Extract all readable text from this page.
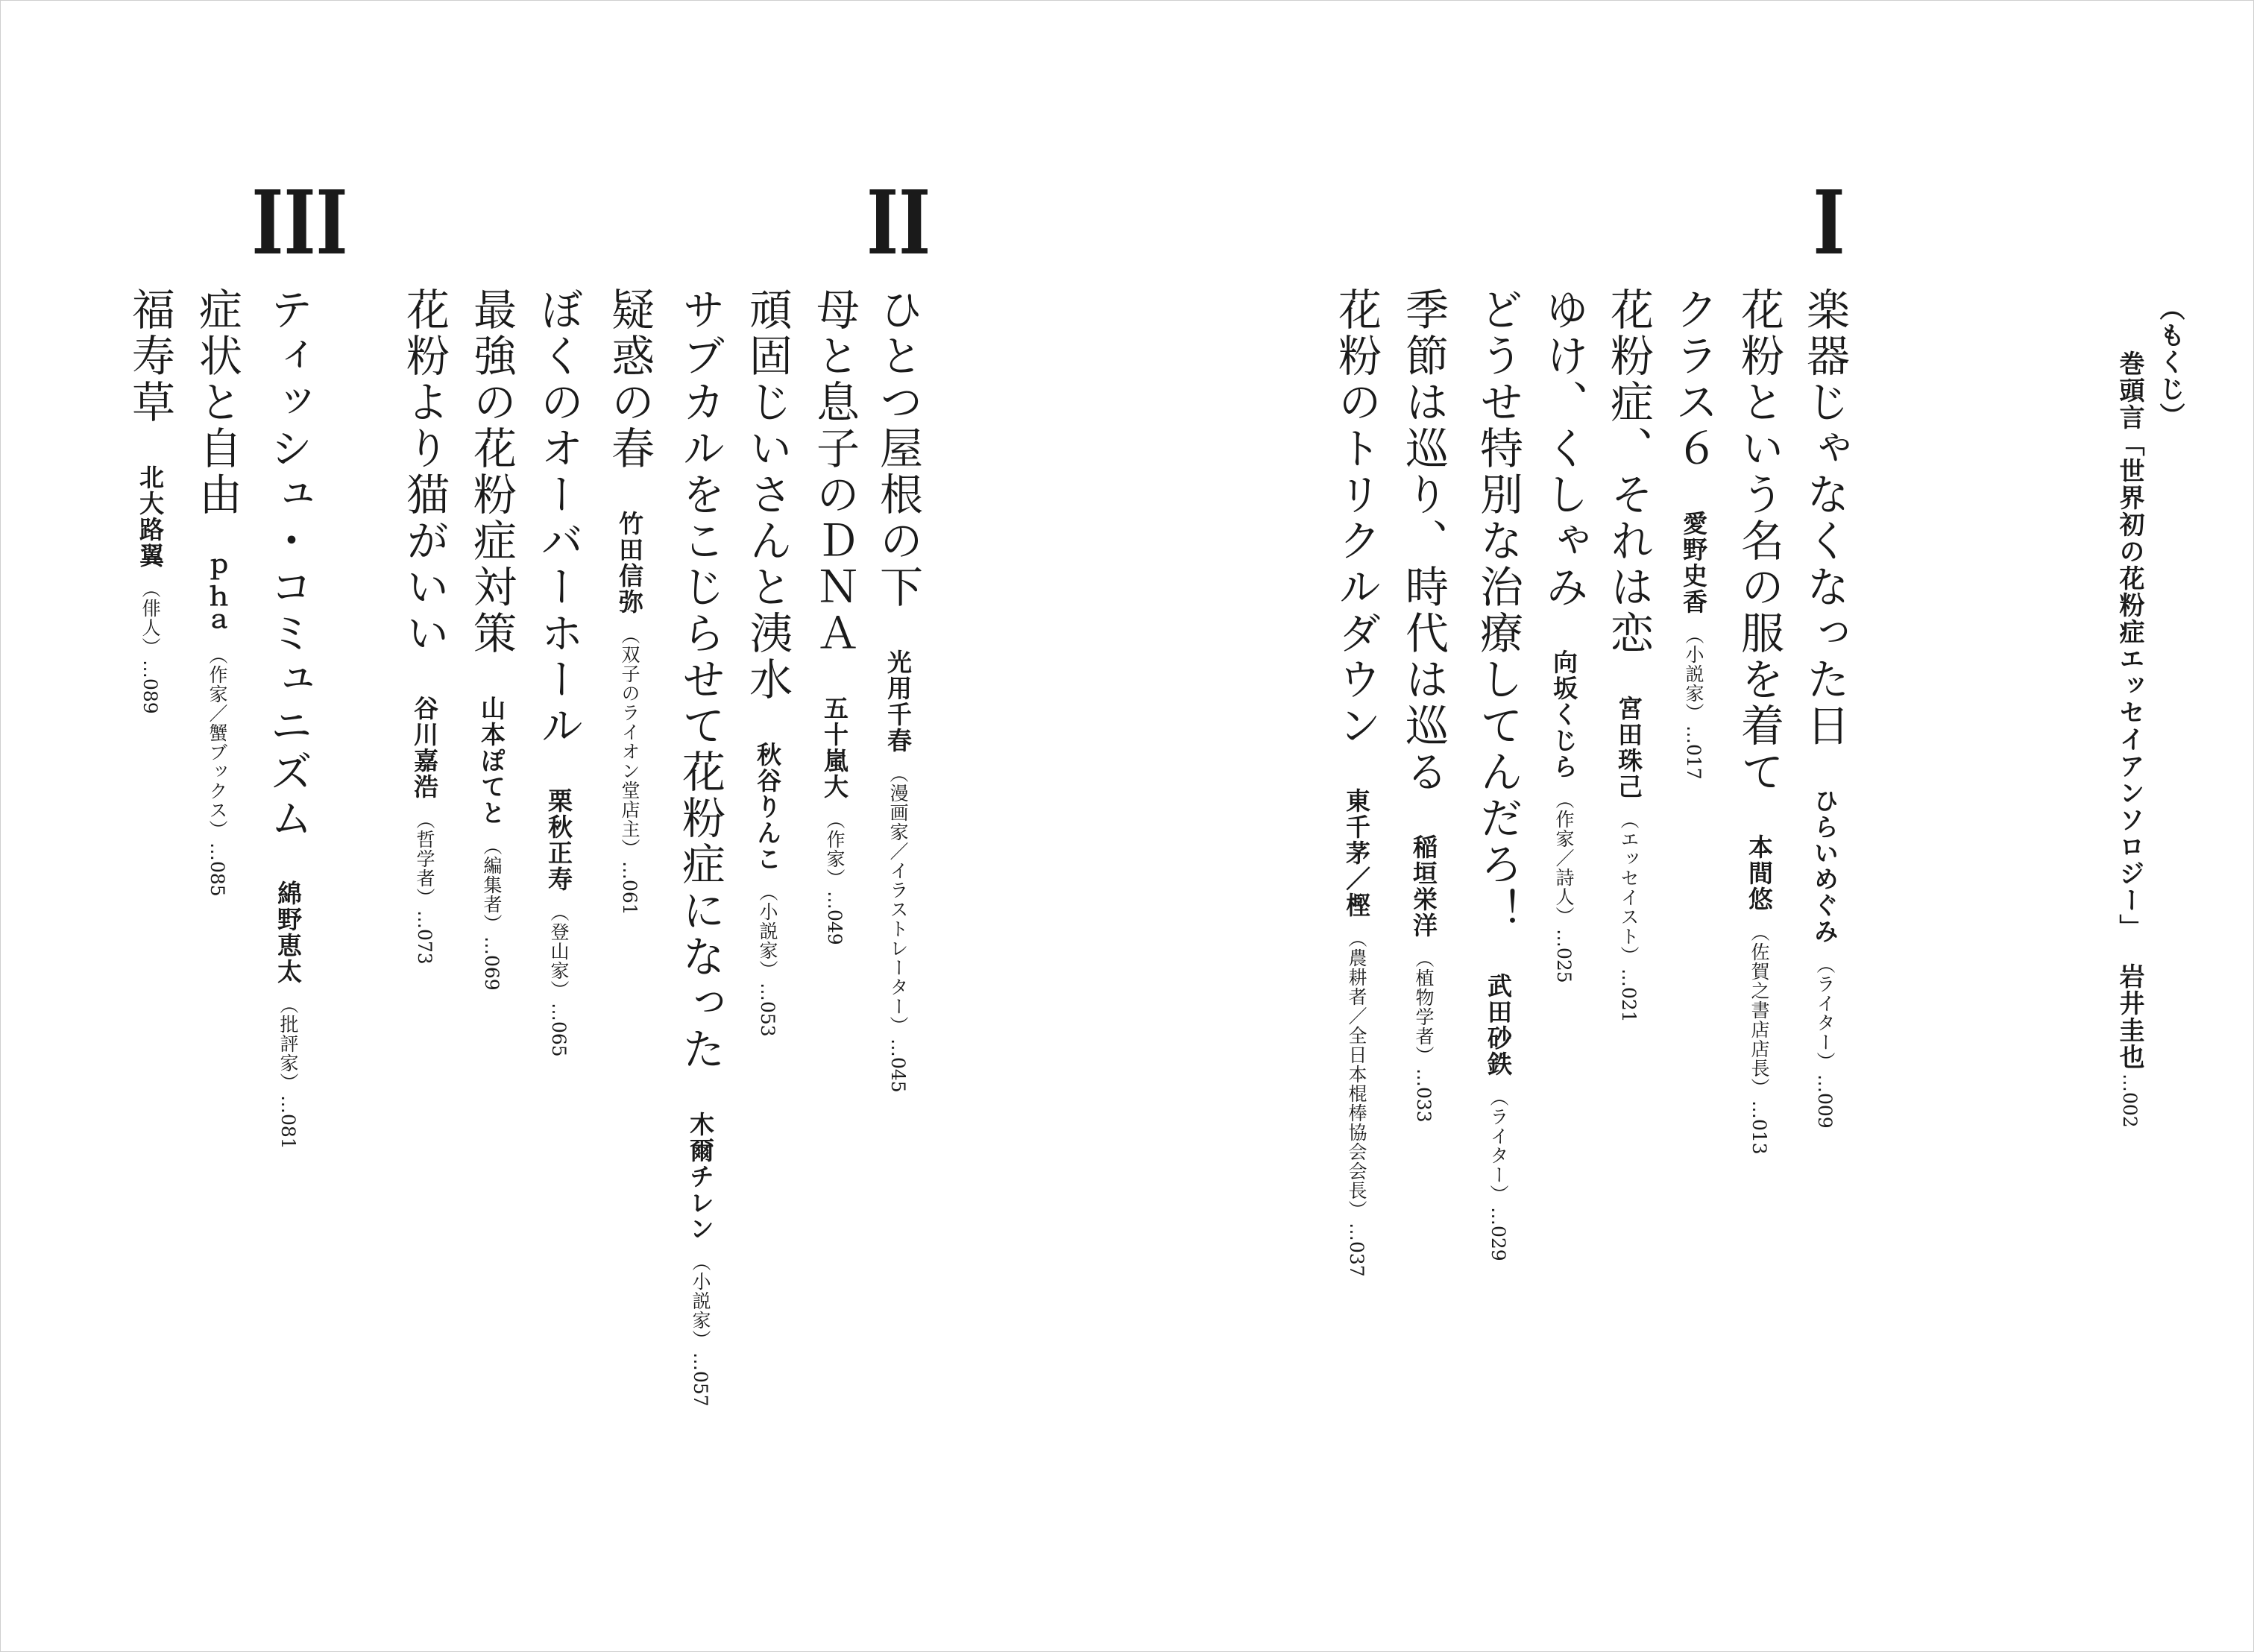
（もくじ）
巻頭言「世界初の花粉症エッセイアンソロジー」岩井圭也…002
I
II
III
楽器じゃなくなった日ひらいめぐみ（ライター）…009
花粉という名の服を着て本間悠（佐賀之書店店長）…013
クラス６愛野史香（小説家）…017
花粉症、それは恋宮田珠己（エッセイスト）…021
ゆけ、くしゃみ向坂くじら（作家／詩人）…025
どうせ特別な治療してんだろ！武田砂鉄（ライター）…029
季節は巡り、時代は巡る稲垣栄洋（植物学者）…033
花粉のトリクルダウン東千茅／樫（農耕者／全日本棍棒協会会長）…037
ひとつ屋根の下光用千春（漫画家／イラストレーター）…045
母と息子のＤＮＡ五十嵐大（作家）…049
頑固じいさんと洟水秋谷りんこ（小説家）…053
サブカルをこじらせて花粉症になった木爾チレン（小説家）…057
疑惑の春竹田信弥（双子のライオン堂店主）…061
ぼくのオーバーホール栗秋正寿（登山家）…065
最強の花粉症対策山本ぽてと（編集者）…069
花粉より猫がいい谷川嘉浩（哲学者）…073
ティッシュ・コミュニズム綿野恵太（批評家）…081
症状と自由ｐｈａ（作家／蟹ブックス）…085
福寿草北大路翼（俳人）…089
